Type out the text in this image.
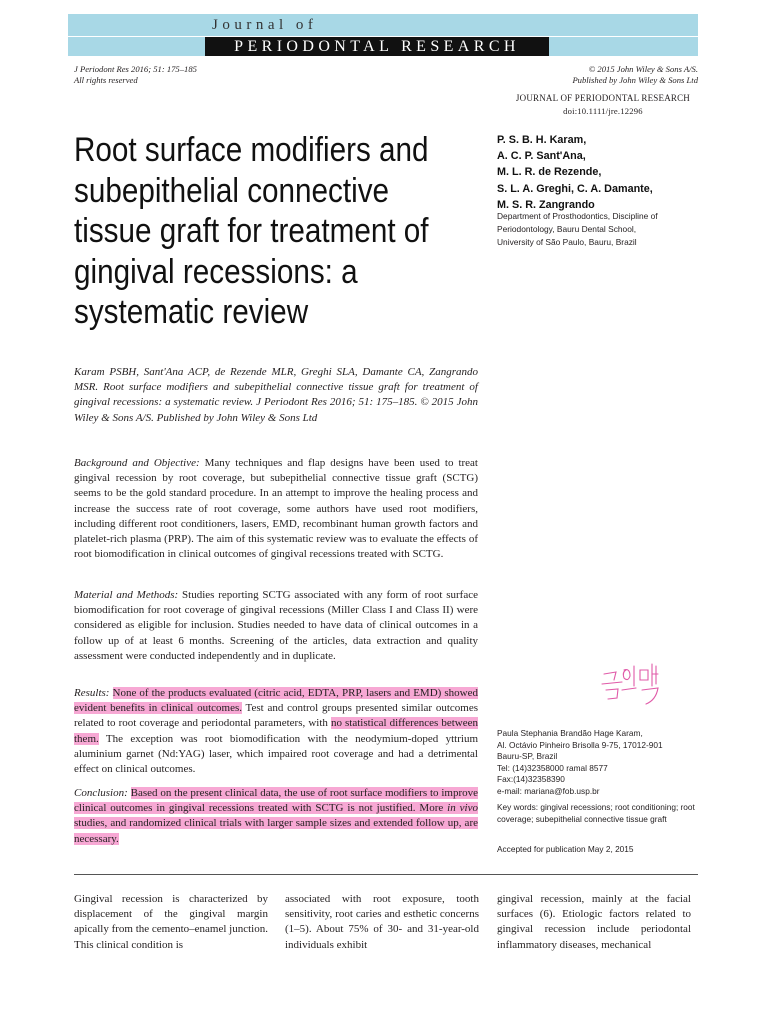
Journal of
PERIODONTAL RESEARCH
J Periodont Res 2016; 51: 175–185
All rights reserved
© 2015 John Wiley & Sons A/S.
Published by John Wiley & Sons Ltd
JOURNAL OF PERIODONTAL RESEARCH
doi:10.1111/jre.12296
Root surface modifiers and subepithelial connective tissue graft for treatment of gingival recessions: a systematic review
P. S. B. H. Karam,
A. C. P. Sant'Ana,
M. L. R. de Rezende,
S. L. A. Greghi, C. A. Damante,
M. S. R. Zangrando
Department of Prosthodontics, Discipline of
Periodontology, Bauru Dental School,
University of São Paulo, Bauru, Brazil
Karam PSBH, Sant'Ana ACP, de Rezende MLR, Greghi SLA, Damante CA, Zangrando MSR. Root surface modifiers and subepithelial connective tissue graft for treatment of gingival recessions: a systematic review. J Periodont Res 2016; 51: 175–185. © 2015 John Wiley & Sons A/S. Published by John Wiley & Sons Ltd
Background and Objective: Many techniques and flap designs have been used to treat gingival recession by root coverage, but subepithelial connective tissue graft (SCTG) seems to be the gold standard procedure. In an attempt to improve the healing process and increase the success rate of root coverage, some authors have used root modifiers, including different root conditioners, lasers, EMD, recombinant human growth factors and platelet-rich plasma (PRP). The aim of this systematic review was to evaluate the effects of root biomodification in clinical outcomes of gingival recessions treated with SCTG.
Material and Methods: Studies reporting SCTG associated with any form of root surface biomodification for root coverage of gingival recessions (Miller Class I and Class II) were considered as eligible for inclusion. Studies needed to have data of clinical outcomes in a follow up of at least 6 months. Screening of the articles, data extraction and quality assessment were conducted independently and in duplicate.
Results: None of the products evaluated (citric acid, EDTA, PRP, lasers and EMD) showed evident benefits in clinical outcomes. Test and control groups presented similar outcomes related to root coverage and periodontal parameters, with no statistical differences between them. The exception was root biomodification with the neodymium-doped yttrium aluminium garnet (Nd:YAG) laser, which impaired root coverage and had a detrimental effect on clinical outcomes.
Conclusion: Based on the present clinical data, the use of root surface modifiers to improve clinical outcomes in gingival recessions treated with SCTG is not justified. More in vivo studies, and randomized clinical trials with larger sample sizes and extended follow up, are necessary.
Paula Stephania Brandão Hage Karam,
Al. Octávio Pinheiro Brisolla 9-75, 17012-901
Bauru-SP, Brazil
Tel: (14)32358000 ramal 8577
Fax:(14)32358390
e-mail: mariana@fob.usp.br
Key words: gingival recessions; root conditioning; root coverage; subepithelial connective tissue graft
Accepted for publication May 2, 2015
Gingival recession is characterized by displacement of the gingival margin apically from the cemento–enamel junction. This clinical condition is
associated with root exposure, tooth sensitivity, root caries and esthetic concerns (1–5). About 75% of 30- and 31-year-old individuals exhibit
gingival recession, mainly at the facial surfaces (6). Etiologic factors related to gingival recession include periodontal inflammatory diseases, mechanical
